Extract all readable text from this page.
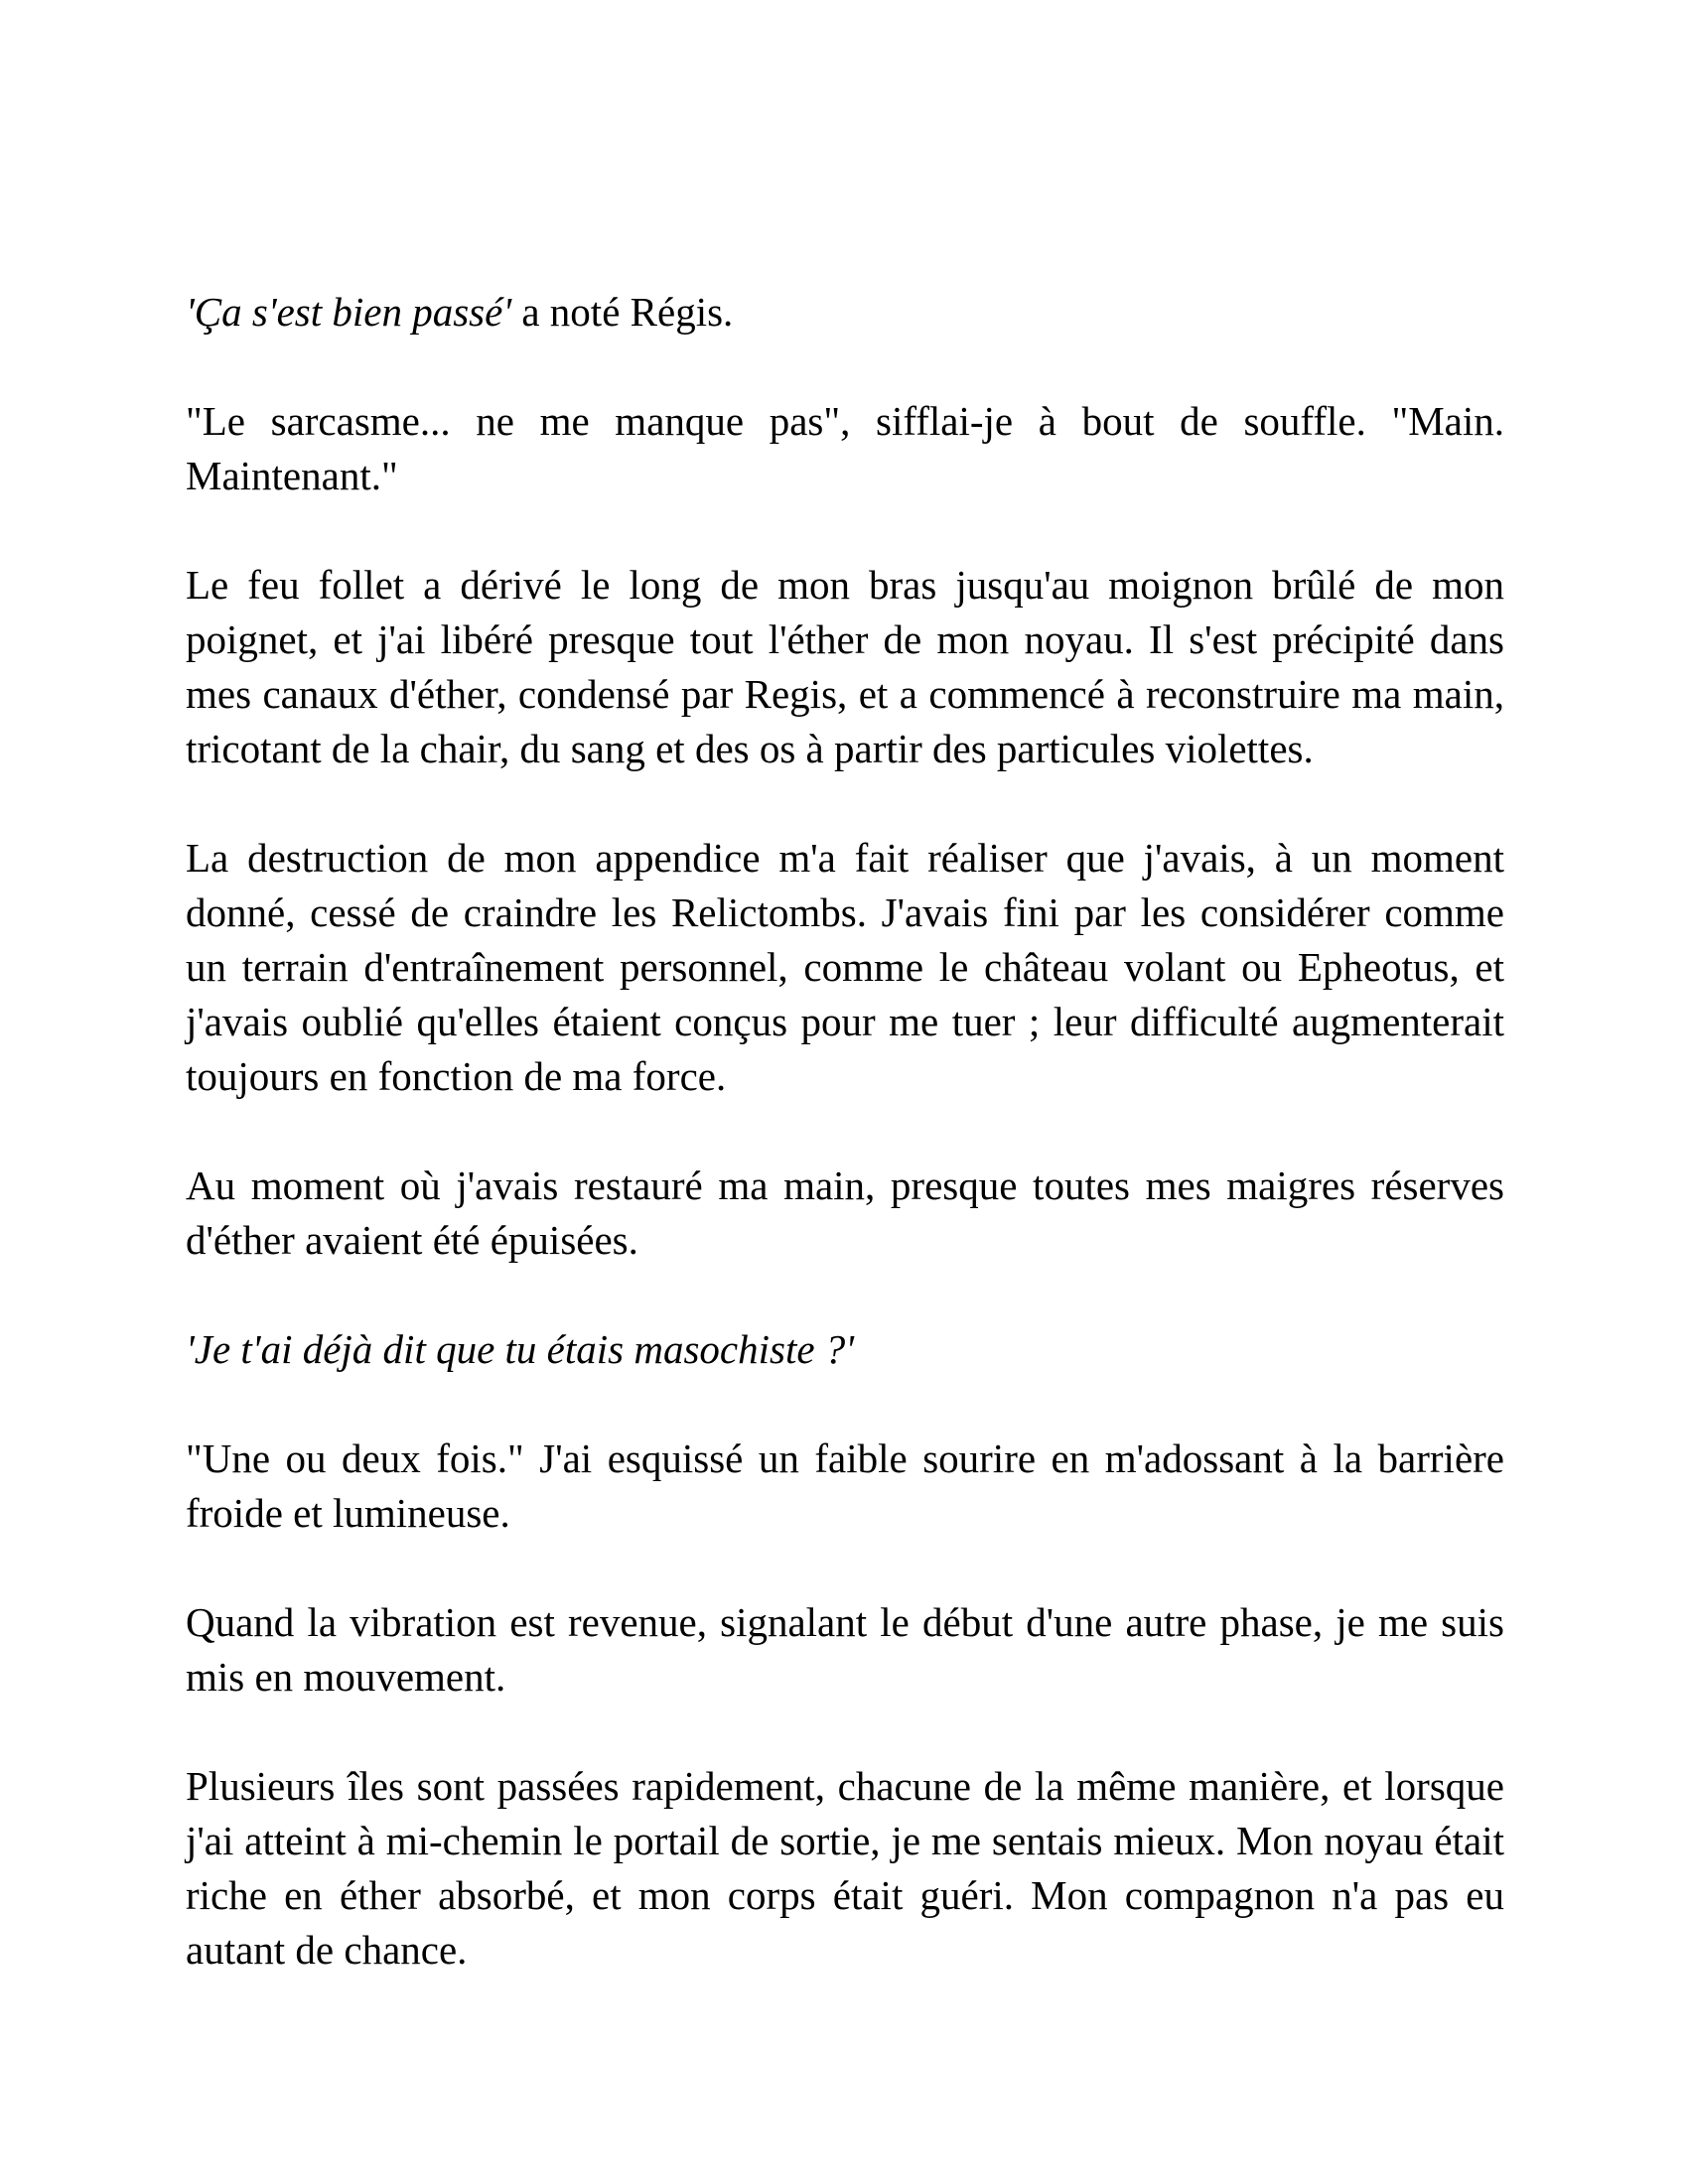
'Ça s'est bien passé' a noté Régis.

"Le sarcasme... ne me manque pas", sifflai-je à bout de souffle. "Main. Maintenant."

Le feu follet a dérivé le long de mon bras jusqu'au moignon brûlé de mon poignet, et j'ai libéré presque tout l'éther de mon noyau. Il s'est précipité dans mes canaux d'éther, condensé par Regis, et a commencé à reconstruire ma main, tricotant de la chair, du sang et des os à partir des particules violettes.

La destruction de mon appendice m'a fait réaliser que j'avais, à un moment donné, cessé de craindre les Relictombs. J'avais fini par les considérer comme un terrain d'entraînement personnel, comme le château volant ou Epheotus, et j'avais oublié qu'elles étaient conçus pour me tuer ; leur difficulté augmenterait toujours en fonction de ma force.

Au moment où j'avais restauré ma main, presque toutes mes maigres réserves d'éther avaient été épuisées.

'Je t'ai déjà dit que tu étais masochiste ?'

"Une ou deux fois." J'ai esquissé un faible sourire en m'adossant à la barrière froide et lumineuse.

Quand la vibration est revenue, signalant le début d'une autre phase, je me suis mis en mouvement.

Plusieurs îles sont passées rapidement, chacune de la même manière, et lorsque j'ai atteint à mi-chemin le portail de sortie, je me sentais mieux. Mon noyau était riche en éther absorbé, et mon corps était guéri. Mon compagnon n'a pas eu autant de chance.
